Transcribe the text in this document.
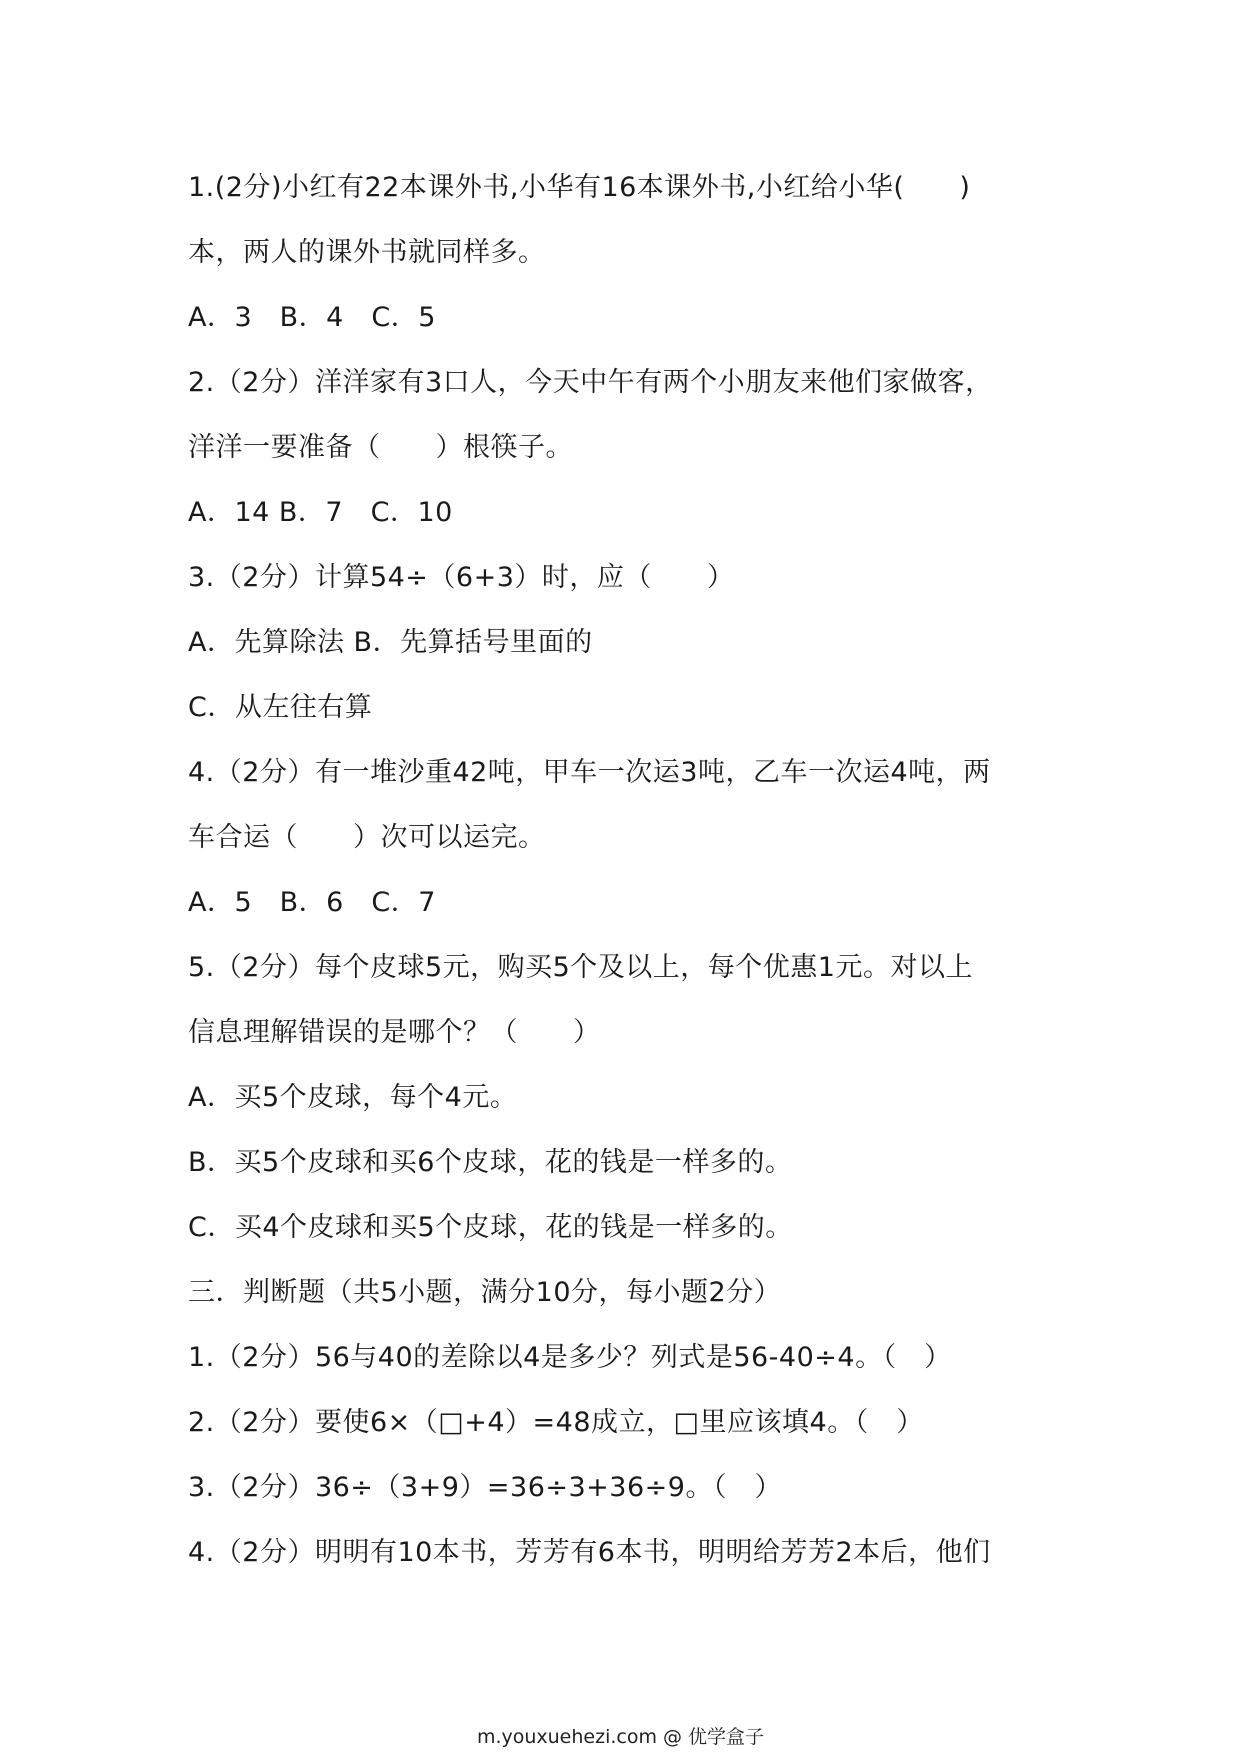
1.(2分)小红有22本课外书,小华有16本课外书,小红给小华(　　)
本，两人的课外书就同样多。
A．3　B．4　C．5
2.（2分）洋洋家有3口人，今天中午有两个小朋友来他们家做客，
洋洋一要准备（　　）根筷子。
A．14 B．7　C．10
3.（2分）计算54÷（6+3）时，应（　　）
A．先算除法 B．先算括号里面的
C．从左往右算
4.（2分）有一堆沙重42吨，甲车一次运3吨，乙车一次运4吨，两
车合运（　　）次可以运完。
A．5　B．6　C．7
5.（2分）每个皮球5元，购买5个及以上，每个优惠1元。对以上
信息理解错误的是哪个？（　　）
A．买5个皮球，每个4元。
B．买5个皮球和买6个皮球，花的钱是一样多的。
C．买4个皮球和买5个皮球，花的钱是一样多的。
三．判断题（共5小题，满分10分，每小题2分）
1.（2分）56与40的差除以4是多少？列式是56-40÷4。（　）
2.（2分）要使6×（□+4）=48成立，□里应该填4。（　）
3.（2分）36÷（3+9）=36÷3+36÷9。（　）
4.（2分）明明有10本书，芳芳有6本书，明明给芳芳2本后，他们
m.youxuehezi.com @ 优学盒子
